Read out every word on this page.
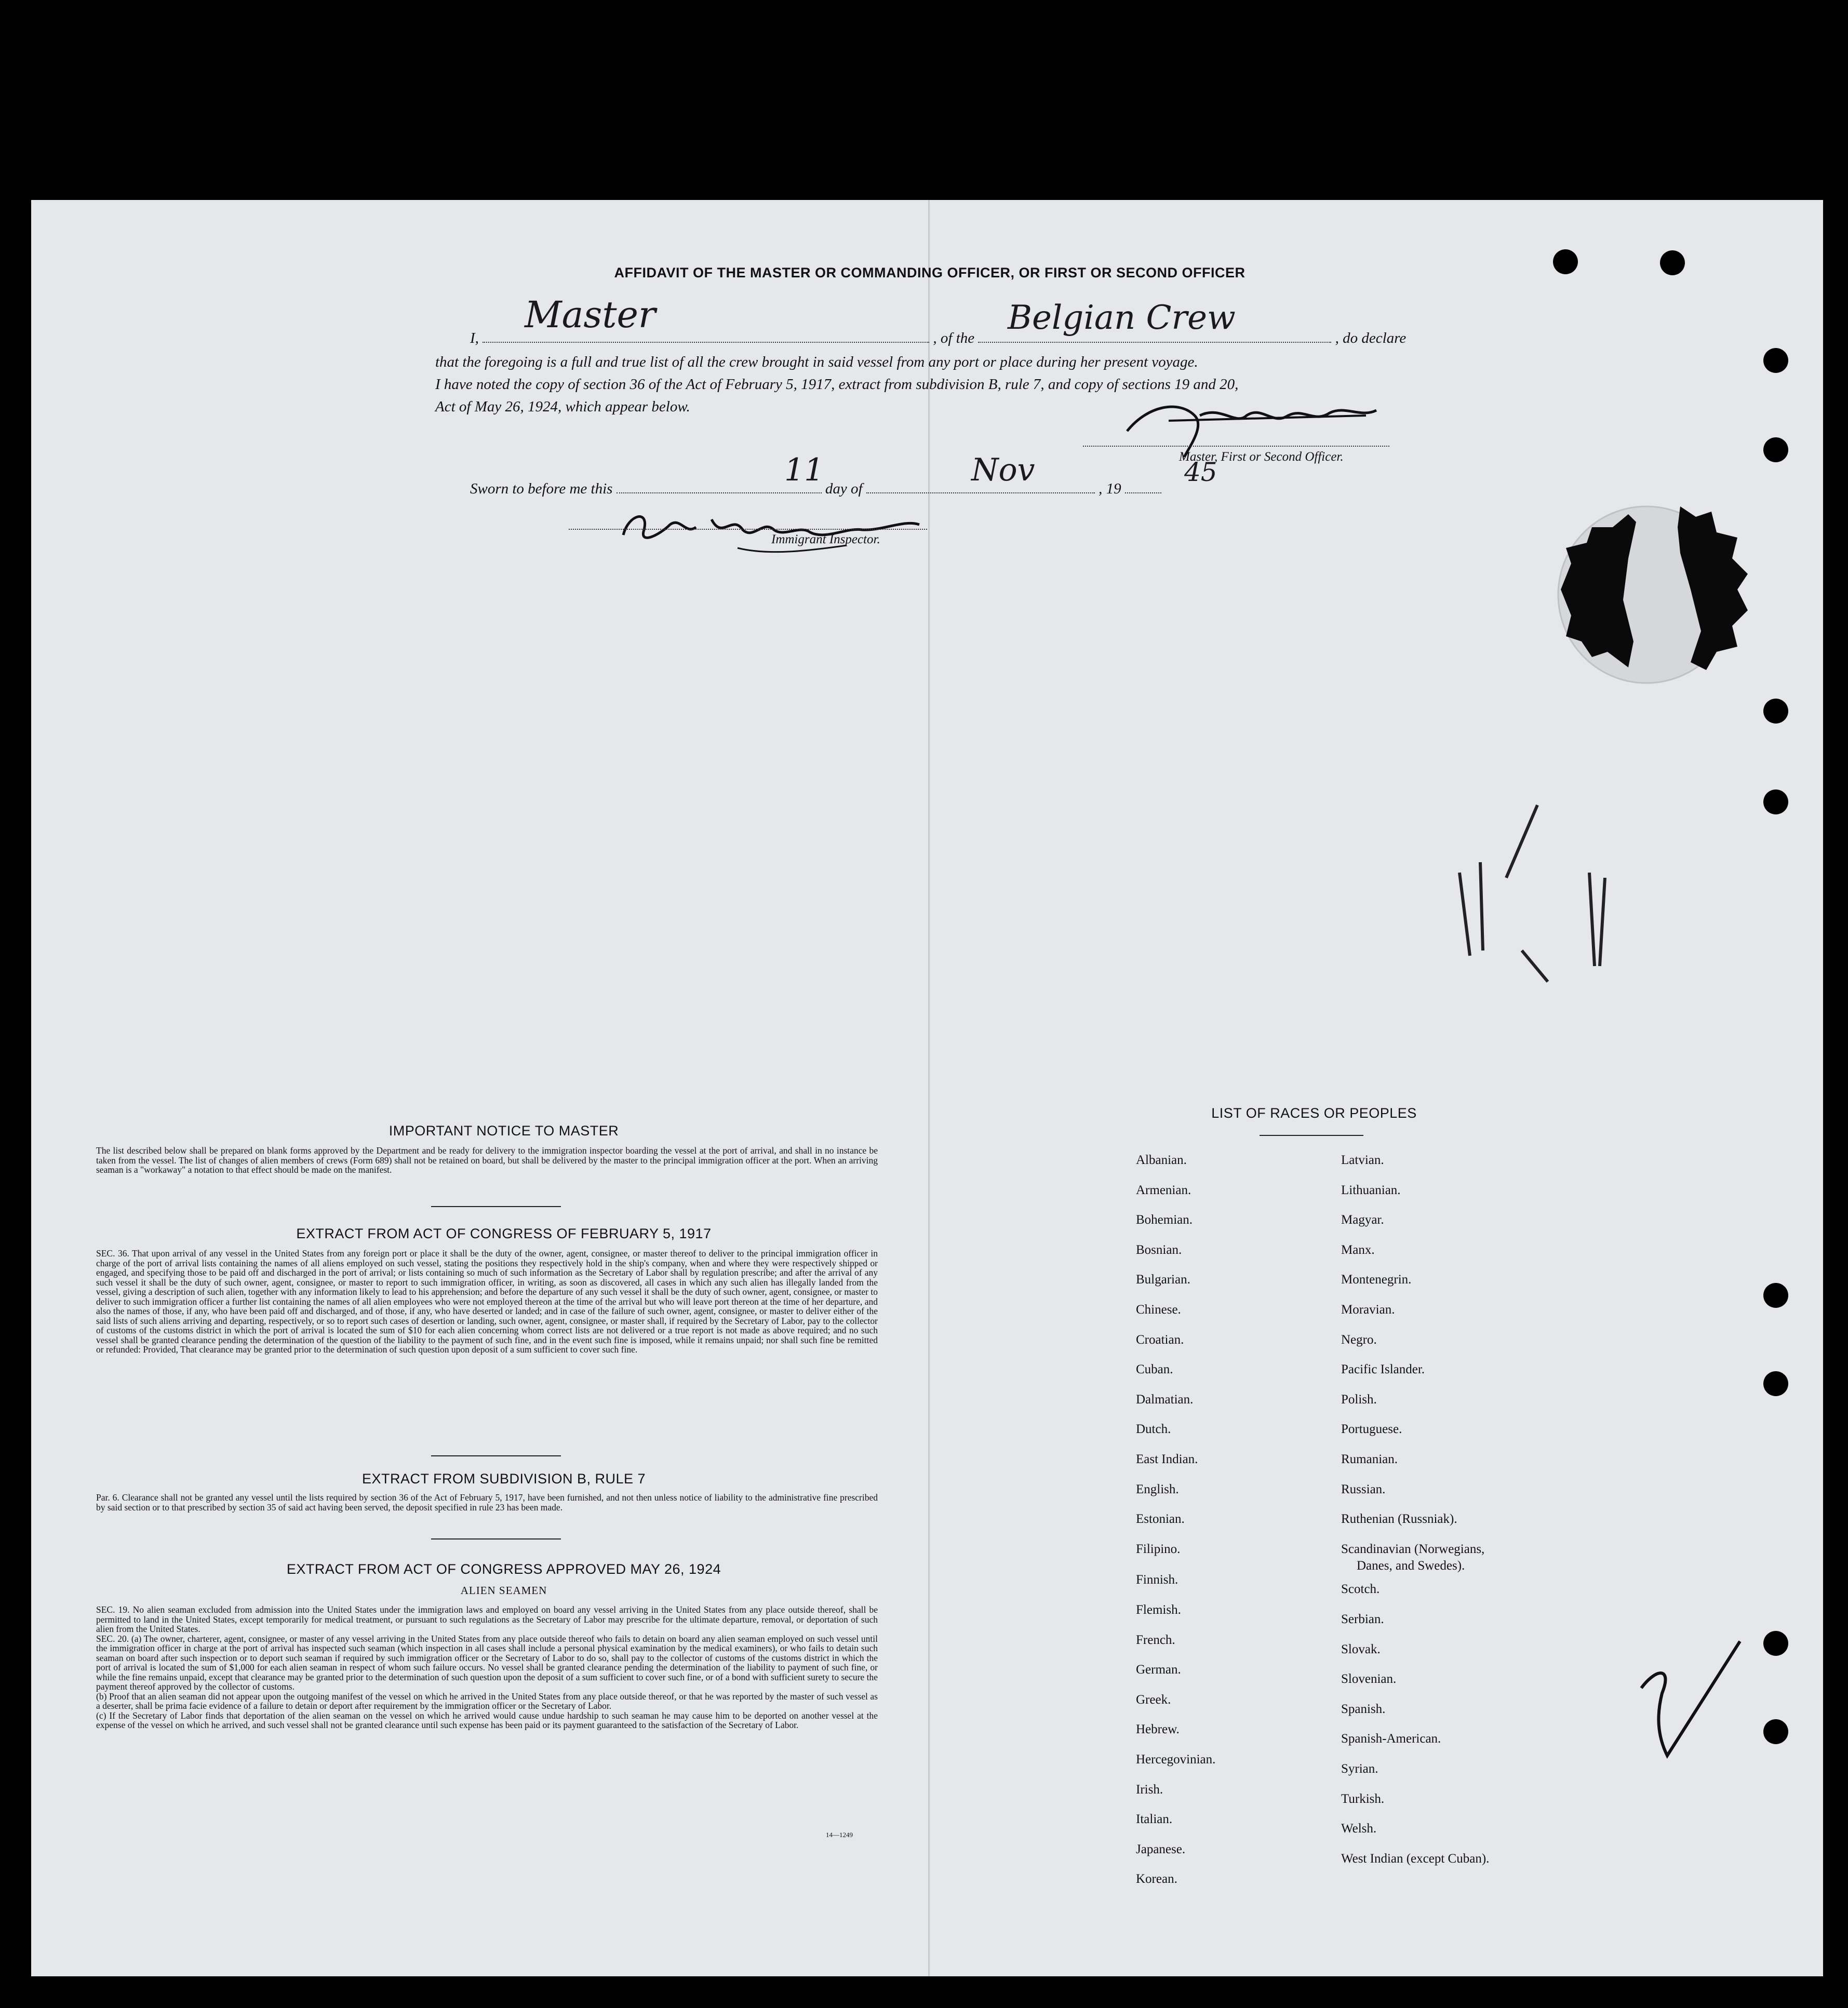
AFFIDAVIT OF THE MASTER OR COMMANDING OFFICER, OR FIRST OR SECOND OFFICER
I,	, of the	, do declare
Master	Belgian Crew
that the foregoing is a full and true list of all the crew brought in said vessel from any port or place during her present voyage.
I have noted the copy of section 36 of the Act of February 5, 1917, extract from subdivision B, rule 7, and copy of sections 19 and 20,
Act of May 26, 1924, which appear below.
Master, First or Second Officer.
Sworn to before me this	day of	, 19
11	Nov	45
Immigrant Inspector.
IMPORTANT NOTICE TO MASTER
The list described below shall be prepared on blank forms approved by the Department and be ready for delivery to the immigration inspector boarding the vessel at the port of arrival, and shall in no instance be taken from the vessel. The list of changes of alien members of crews (Form 689) shall not be retained on board, but shall be delivered by the master to the principal immigration officer at the port. When an arriving seaman is a "workaway" a notation to that effect should be made on the manifest.
EXTRACT FROM ACT OF CONGRESS OF FEBRUARY 5, 1917
SEC. 36. That upon arrival of any vessel in the United States from any foreign port or place it shall be the duty of the owner, agent, consignee, or master thereof to deliver to the principal immigration officer in charge of the port of arrival lists containing the names of all aliens employed on such vessel, stating the positions they respectively hold in the ship's company, when and where they were respectively shipped or engaged, and specifying those to be paid off and discharged in the port of arrival; or lists containing so much of such information as the Secretary of Labor shall by regulation prescribe; and after the arrival of any such vessel it shall be the duty of such owner, agent, consignee, or master to report to such immigration officer, in writing, as soon as discovered, all cases in which any such alien has illegally landed from the vessel, giving a description of such alien, together with any information likely to lead to his apprehension; and before the departure of any such vessel it shall be the duty of such owner, agent, consignee, or master to deliver to such immigration officer a further list containing the names of all alien employees who were not employed thereon at the time of the arrival but who will leave port thereon at the time of her departure, and also the names of those, if any, who have been paid off and discharged, and of those, if any, who have deserted or landed; and in case of the failure of such owner, agent, consignee, or master to deliver either of the said lists of such aliens arriving and departing, respectively, or so to report such cases of desertion or landing, such owner, agent, consignee, or master shall, if required by the Secretary of Labor, pay to the collector of customs of the customs district in which the port of arrival is located the sum of $10 for each alien concerning whom correct lists are not delivered or a true report is not made as above required; and no such vessel shall be granted clearance pending the determination of the question of the liability to the payment of such fine, and in the event such fine is imposed, while it remains unpaid; nor shall such fine be remitted or refunded: Provided, That clearance may be granted prior to the determination of such question upon deposit of a sum sufficient to cover such fine.
EXTRACT FROM SUBDIVISION B, RULE 7
Par. 6. Clearance shall not be granted any vessel until the lists required by section 36 of the Act of February 5, 1917, have been furnished, and not then unless notice of liability to the administrative fine prescribed by said section or to that prescribed by section 35 of said act having been served, the deposit specified in rule 23 has been made.
EXTRACT FROM ACT OF CONGRESS APPROVED MAY 26, 1924
ALIEN SEAMEN
SEC. 19. No alien seaman excluded from admission into the United States under the immigration laws and employed on board any vessel arriving in the United States from any place outside thereof, shall be permitted to land in the United States, except temporarily for medical treatment, or pursuant to such regulations as the Secretary of Labor may prescribe for the ultimate departure, removal, or deportation of such alien from the United States.
SEC. 20. (a) The owner, charterer, agent, consignee, or master of any vessel arriving in the United States from any place outside thereof who fails to detain on board any alien seaman employed on such vessel until the immigration officer in charge at the port of arrival has inspected such seaman (which inspection in all cases shall include a personal physical examination by the medical examiners), or who fails to detain such seaman on board after such inspection or to deport such seaman if required by such immigration officer or the Secretary of Labor to do so, shall pay to the collector of customs of the customs district in which the port of arrival is located the sum of $1,000 for each alien seaman in respect of whom such failure occurs. No vessel shall be granted clearance pending the determination of the liability to payment of such fine, or while the fine remains unpaid, except that clearance may be granted prior to the determination of such question upon the deposit of a sum sufficient to cover such fine, or of a bond with sufficient surety to secure the payment thereof approved by the collector of customs.
(b) Proof that an alien seaman did not appear upon the outgoing manifest of the vessel on which he arrived in the United States from any place outside thereof, or that he was reported by the master of such vessel as a deserter, shall be prima facie evidence of a failure to detain or deport after requirement by the immigration officer or the Secretary of Labor.
(c) If the Secretary of Labor finds that deportation of the alien seaman on the vessel on which he arrived would cause undue hardship to such seaman he may cause him to be deported on another vessel at the expense of the vessel on which he arrived, and such vessel shall not be granted clearance until such expense has been paid or its payment guaranteed to the satisfaction of the Secretary of Labor.
14—1249
LIST OF RACES OR PEOPLES
Albanian.
Armenian.
Bohemian.
Bosnian.
Bulgarian.
Chinese.
Croatian.
Cuban.
Dalmatian.
Dutch.
East Indian.
English.
Estonian.
Filipino.
Finnish.
Flemish.
French.
German.
Greek.
Hebrew.
Hercegovinian.
Irish.
Italian.
Japanese.
Korean.
Latvian.
Lithuanian.
Magyar.
Manx.
Montenegrin.
Moravian.
Negro.
Pacific Islander.
Polish.
Portuguese.
Rumanian.
Russian.
Ruthenian (Russniak).
Scandinavian (Norwegians,
Danes, and Swedes).
Scotch.
Serbian.
Slovak.
Slovenian.
Spanish.
Spanish-American.
Syrian.
Turkish.
Welsh.
West Indian (except Cuban).
